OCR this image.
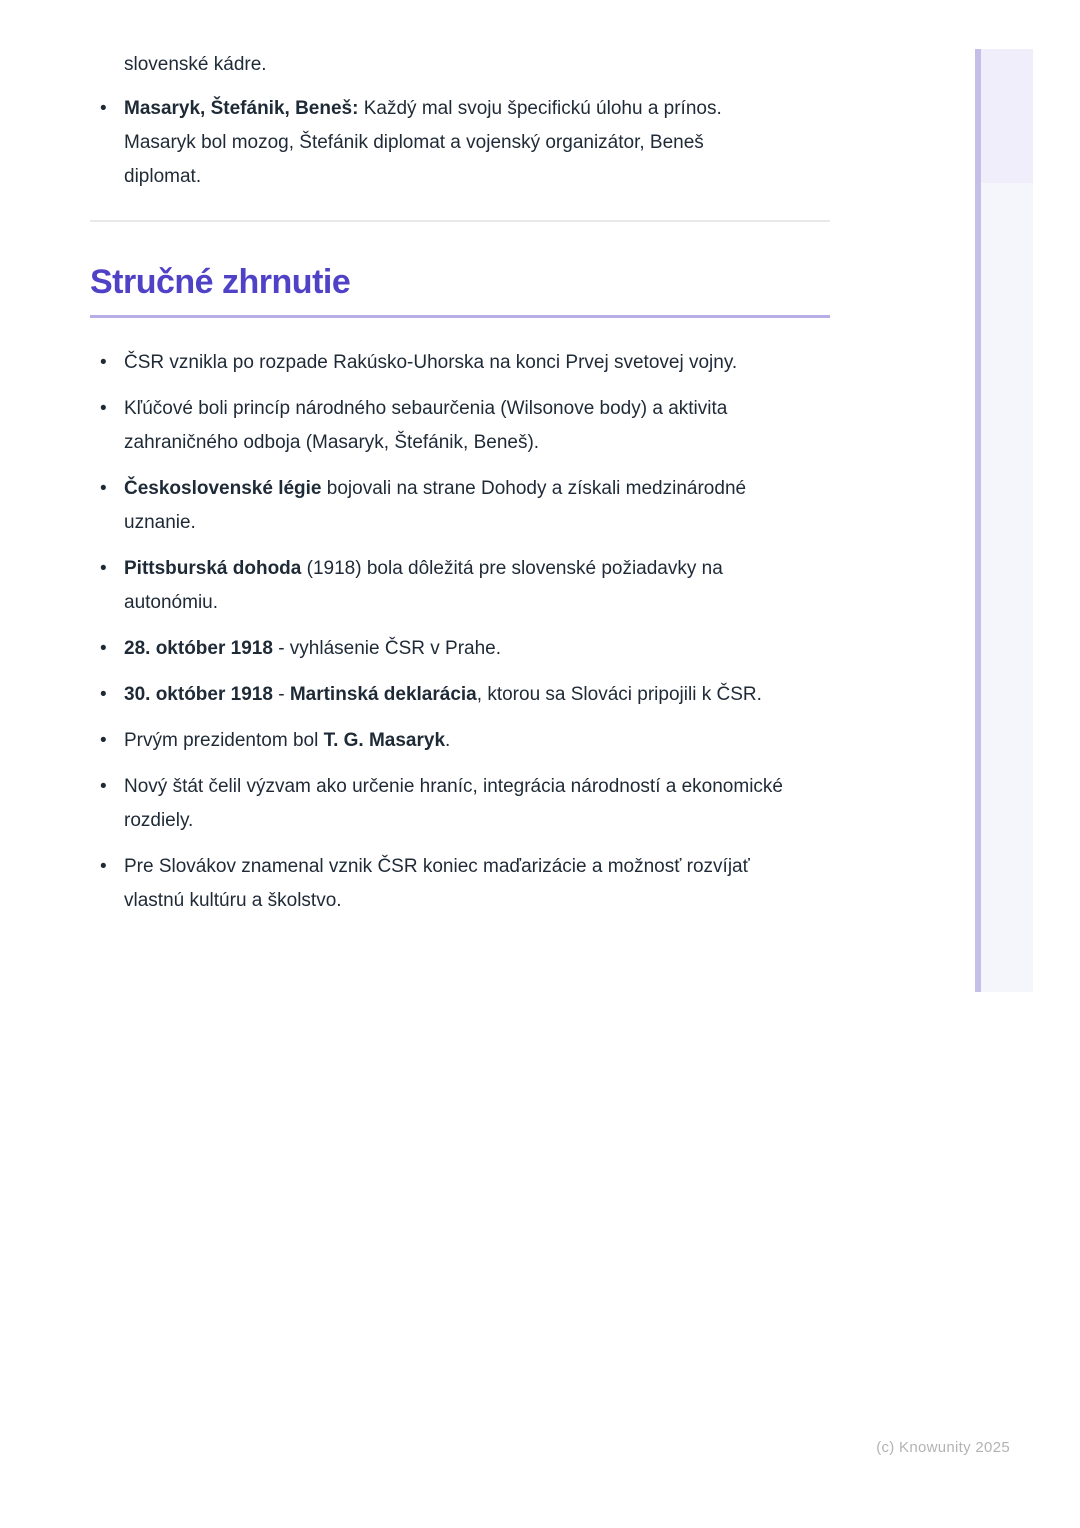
slovenské kádre.

• Masaryk, Štefánik, Beneš: Každý mal svoju špecifickú úlohu a prínos. Masaryk bol mozog, Štefánik diplomat a vojenský organizátor, Beneš diplomat.
Stručné zhrnutie
• ČSR vznikla po rozpade Rakúsko-Uhorska na konci Prvej svetovej vojny.
• Kľúčové boli princíp národného sebaurčenia (Wilsonove body) a aktivita zahraničného odboja (Masaryk, Štefánik, Beneš).
• Československé légie bojovali na strane Dohody a získali medzinárodné uznanie.
• Pittsburská dohoda (1918) bola dôležitá pre slovenské požiadavky na autonómiu.
• 28. október 1918 - vyhlásenie ČSR v Prahe.
• 30. október 1918 - Martinská deklarácia, ktorou sa Slováci pripojili k ČSR.
• Prvým prezidentom bol T. G. Masaryk.
• Nový štát čelil výzvam ako určenie hraníc, integrácia národností a ekonomické rozdiely.
• Pre Slovákov znamenal vznik ČSR koniec maďarizácie a možnosť rozvíjať vlastnú kultúru a školstvo.
(c) Knowunity 2025
